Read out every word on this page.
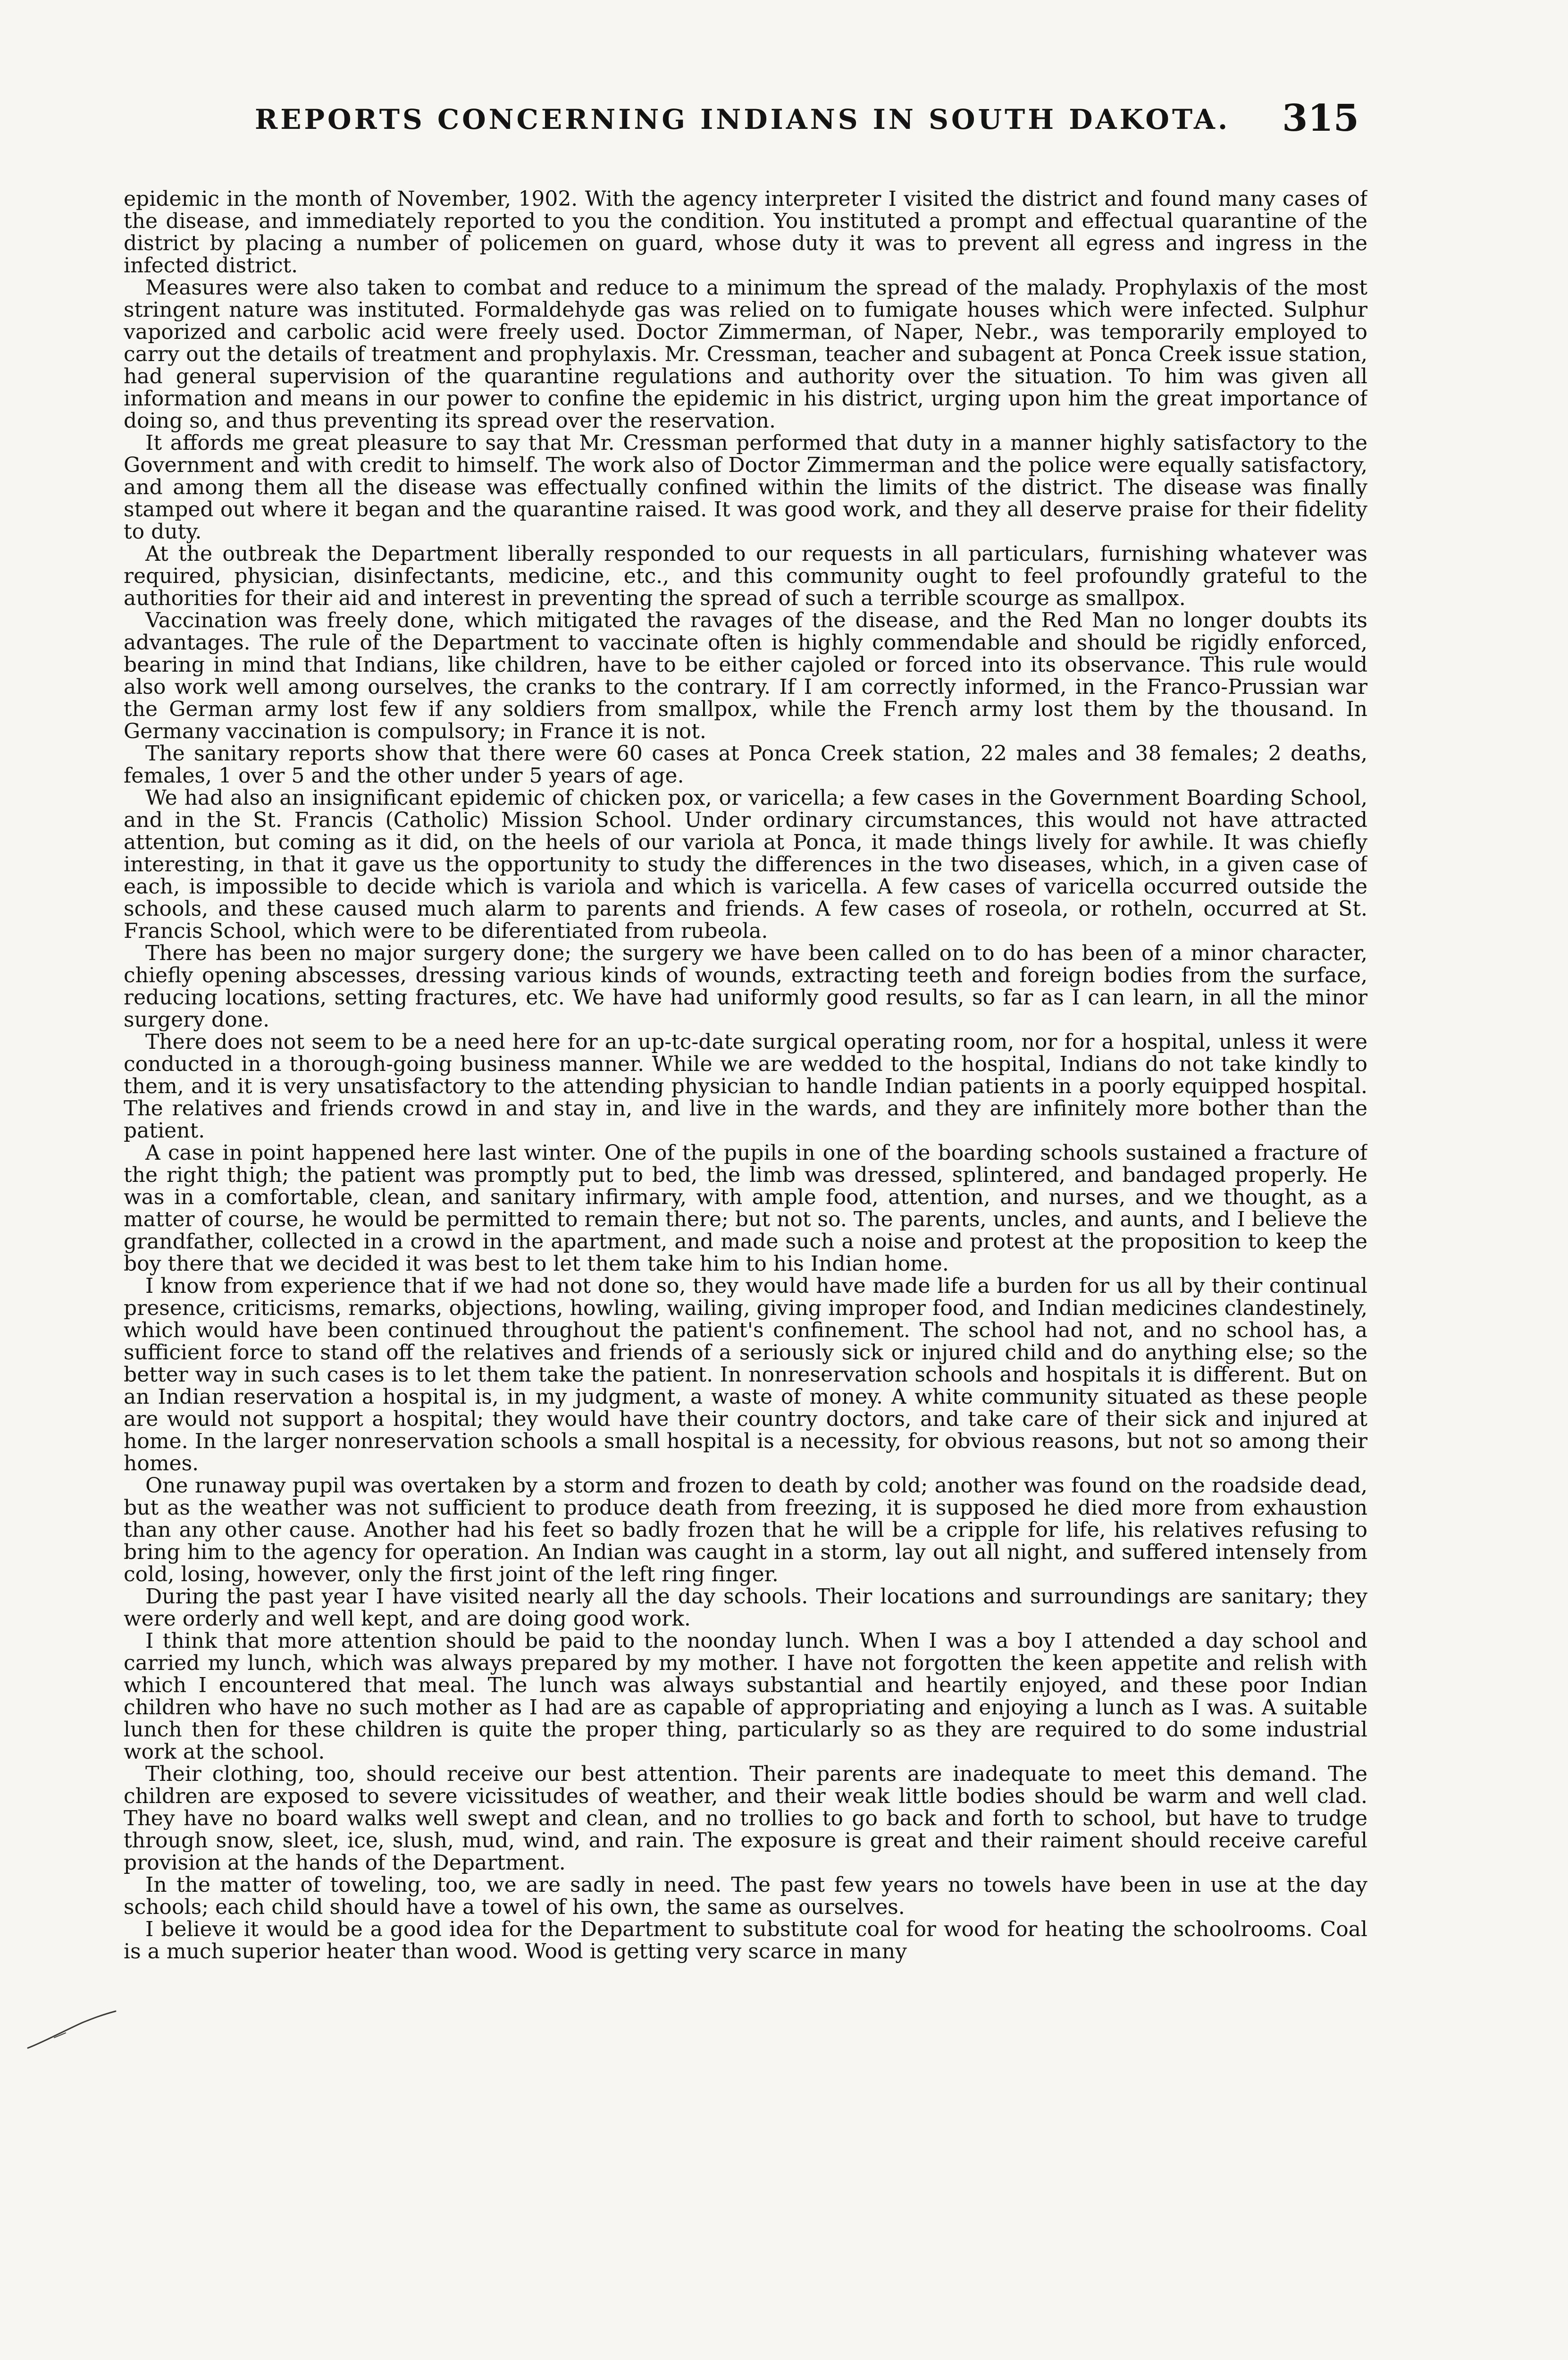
REPORTS CONCERNING INDIANS IN SOUTH DAKOTA. 315

epidemic in the month of November, 1902. With the agency interpreter I visited the district and found many cases of the disease, and immediately reported to you the condition. You instituted a prompt and effectual quarantine of the district by placing a number of policemen on guard, whose duty it was to prevent all egress and ingress in the infected district.

Measures were also taken to combat and reduce to a minimum the spread of the malady. Prophylaxis of the most stringent nature was instituted. Formaldehyde gas was relied on to fumigate houses which were infected. Sulphur vaporized and carbolic acid were freely used. Doctor Zimmerman, of Naper, Nebr., was temporarily employed to carry out the details of treatment and prophylaxis. Mr. Cressman, teacher and subagent at Ponca Creek issue station, had general supervision of the quarantine regulations and authority over the situation. To him was given all information and means in our power to confine the epidemic in his district, urging upon him the great importance of doing so, and thus preventing its spread over the reservation.

It affords me great pleasure to say that Mr. Cressman performed that duty in a manner highly satisfactory to the Government and with credit to himself. The work also of Doctor Zimmerman and the police were equally satisfactory, and among them all the disease was effectually confined within the limits of the district. The disease was finally stamped out where it began and the quarantine raised. It was good work, and they all deserve praise for their fidelity to duty.

At the outbreak the Department liberally responded to our requests in all particulars, furnishing whatever was required, physician, disinfectants, medicine, etc., and this community ought to feel profoundly grateful to the authorities for their aid and interest in preventing the spread of such a terrible scourge as smallpox.

Vaccination was freely done, which mitigated the ravages of the disease, and the Red Man no longer doubts its advantages. The rule of the Department to vaccinate often is highly commendable and should be rigidly enforced, bearing in mind that Indians, like children, have to be either cajoled or forced into its observance. This rule would also work well among ourselves, the cranks to the contrary. If I am correctly informed, in the Franco-Prussian war the German army lost few if any soldiers from smallpox, while the French army lost them by the thousand. In Germany vaccination is compulsory; in France it is not.

The sanitary reports show that there were 60 cases at Ponca Creek station, 22 males and 38 females; 2 deaths, females, 1 over 5 and the other under 5 years of age.

We had also an insignificant epidemic of chicken pox, or varicella; a few cases in the Government Boarding School, and in the St. Francis (Catholic) Mission School. Under ordinary circumstances, this would not have attracted attention, but coming as it did, on the heels of our variola at Ponca, it made things lively for awhile. It was chiefly interesting, in that it gave us the opportunity to study the differences in the two diseases, which, in a given case of each, is impossible to decide which is variola and which is varicella. A few cases of varicella occurred outside the schools, and these caused much alarm to parents and friends. A few cases of roseola, or rotheln, occurred at St. Francis School, which were to be diferentiated from rubeola.

There has been no major surgery done; the surgery we have been called on to do has been of a minor character, chiefly opening abscesses, dressing various kinds of wounds, extracting teeth and foreign bodies from the surface, reducing locations, setting fractures, etc. We have had uniformly good results, so far as I can learn, in all the minor surgery done.

There does not seem to be a need here for an up-tc-date surgical operating room, nor for a hospital, unless it were conducted in a thorough-going business manner. While we are wedded to the hospital, Indians do not take kindly to them, and it is very unsatisfactory to the attending physician to handle Indian patients in a poorly equipped hospital. The relatives and friends crowd in and stay in, and live in the wards, and they are infinitely more bother than the patient.

A case in point happened here last winter. One of the pupils in one of the boarding schools sustained a fracture of the right thigh; the patient was promptly put to bed, the limb was dressed, splintered, and bandaged properly. He was in a comfortable, clean, and sanitary infirmary, with ample food, attention, and nurses, and we thought, as a matter of course, he would be permitted to remain there; but not so. The parents, uncles, and aunts, and I believe the grandfather, collected in a crowd in the apartment, and made such a noise and protest at the proposition to keep the boy there that we decided it was best to let them take him to his Indian home.

I know from experience that if we had not done so, they would have made life a burden for us all by their continual presence, criticisms, remarks, objections, howling, wailing, giving improper food, and Indian medicines clandestinely, which would have been continued throughout the patient's confinement. The school had not, and no school has, a sufficient force to stand off the relatives and friends of a seriously sick or injured child and do anything else; so the better way in such cases is to let them take the patient. In nonreservation schools and hospitals it is different. But on an Indian reservation a hospital is, in my judgment, a waste of money. A white community situated as these people are would not support a hospital; they would have their country doctors, and take care of their sick and injured at home. In the larger nonreservation schools a small hospital is a necessity, for obvious reasons, but not so among their homes.

One runaway pupil was overtaken by a storm and frozen to death by cold; another was found on the roadside dead, but as the weather was not sufficient to produce death from freezing, it is supposed he died more from exhaustion than any other cause. Another had his feet so badly frozen that he will be a cripple for life, his relatives refusing to bring him to the agency for operation. An Indian was caught in a storm, lay out all night, and suffered intensely from cold, losing, however, only the first joint of the left ring finger.

During the past year I have visited nearly all the day schools. Their locations and surroundings are sanitary; they were orderly and well kept, and are doing good work.

I think that more attention should be paid to the noonday lunch. When I was a boy I attended a day school and carried my lunch, which was always prepared by my mother. I have not forgotten the keen appetite and relish with which I encountered that meal. The lunch was always substantial and heartily enjoyed, and these poor Indian children who have no such mother as I had are as capable of appropriating and enjoying a lunch as I was. A suitable lunch then for these children is quite the proper thing, particularly so as they are required to do some industrial work at the school.

Their clothing, too, should receive our best attention. Their parents are inadequate to meet this demand. The children are exposed to severe vicissitudes of weather, and their weak little bodies should be warm and well clad. They have no board walks well swept and clean, and no trollies to go back and forth to school, but have to trudge through snow, sleet, ice, slush, mud, wind, and rain. The exposure is great and their raiment should receive careful provision at the hands of the Department.

In the matter of toweling, too, we are sadly in need. The past few years no towels have been in use at the day schools; each child should have a towel of his own, the same as ourselves.

I believe it would be a good idea for the Department to substitute coal for wood for heating the schoolrooms. Coal is a much superior heater than wood. Wood is getting very scarce in many
